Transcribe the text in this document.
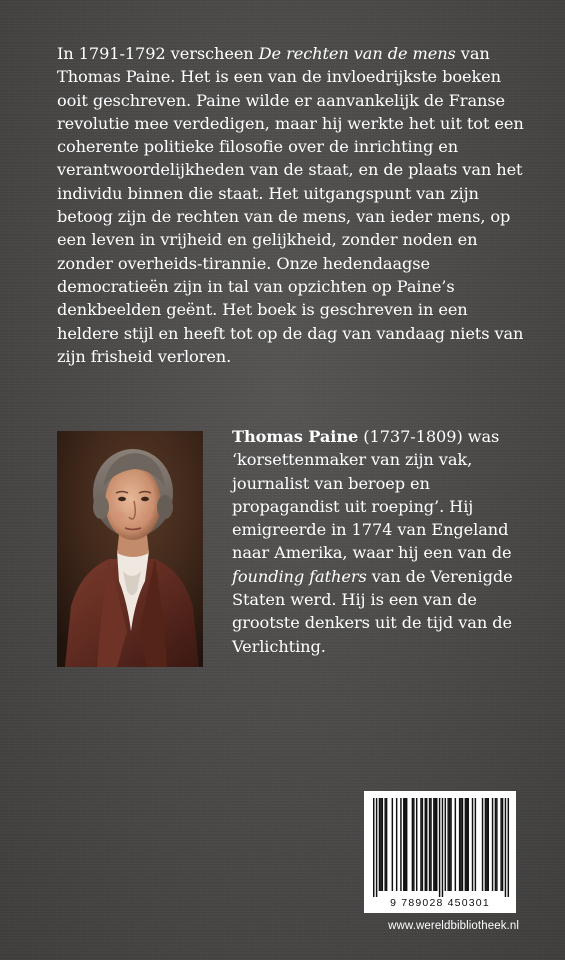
In 1791-1792 verscheen De rechten van de mens van Thomas Paine. Het is een van de invloedrijkste boeken ooit geschreven. Paine wilde er aanvankelijk de Franse revolutie mee verdedigen, maar hij werkte het uit tot een coherente politieke filosofie over de inrichting en verantwoordelijkheden van de staat, en de plaats van het individu binnen die staat. Het uitgangspunt van zijn betoog zijn de rechten van de mens, van ieder mens, op een leven in vrijheid en gelijkheid, zonder noden en zonder overheids-tirannie. Onze hedendaagse democratieën zijn in tal van opzichten op Paine’s denkbeelden geënt. Het boek is geschreven in een heldere stijl en heeft tot op de dag van vandaag niets van zijn frisheid verloren.

Thomas Paine (1737-1809) was ‘korsettenmaker van zijn vak, journalist van beroep en propagandist uit roeping’. Hij emigreerde in 1774 van Engeland naar Amerika, waar hij een van de founding fathers van de Verenigde Staten werd. Hij is een van de grootste denkers uit de tijd van de Verlichting.

9 789028 450301
www.wereldbibliotheek.nl
